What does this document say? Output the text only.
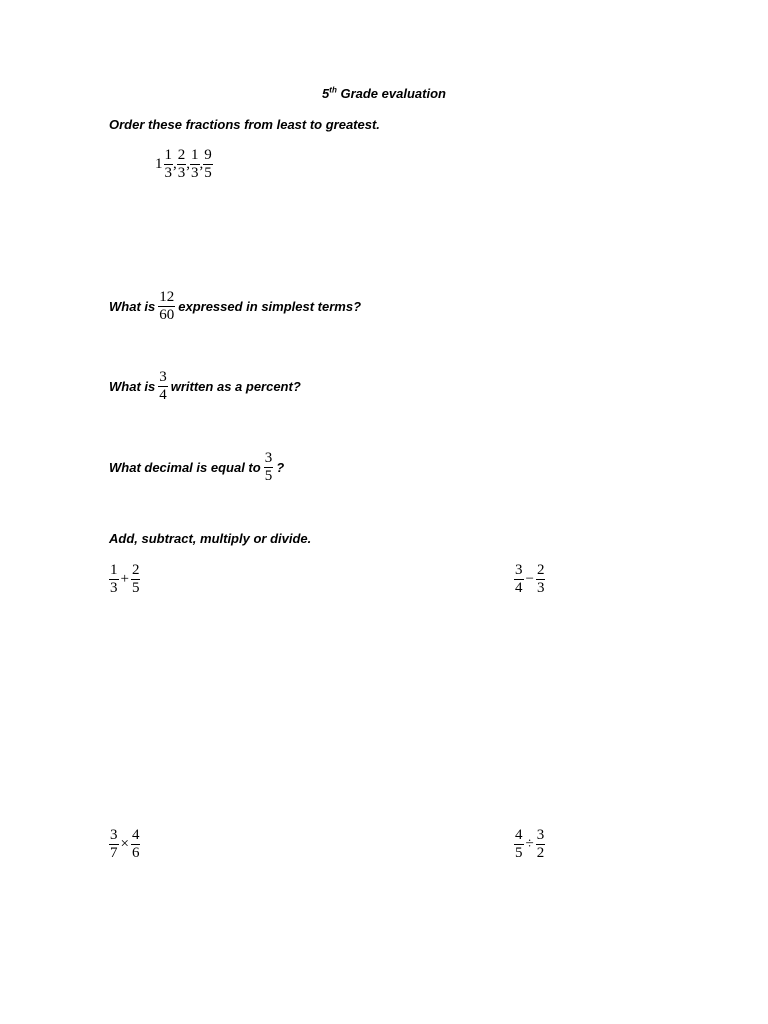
5th Grade evaluation
Order these fractions from least to greatest.
$1 \frac{1}{3}$ , $\frac{2}{3}$ , $\frac{1}{3}$ , $\frac{9}{5}$
What is $\frac{12}{60}$ expressed in simplest terms?
What is $\frac{3}{4}$ written as a percent?
What decimal is equal to $\frac{3}{5}$ ?
Add, subtract, multiply or divide.
$\frac{1}{3} + \frac{2}{5}$	$\frac{3}{4} - \frac{2}{3}$
$\frac{3}{7} \times \frac{4}{6}$	$\frac{4}{5} \div \frac{3}{2}$
